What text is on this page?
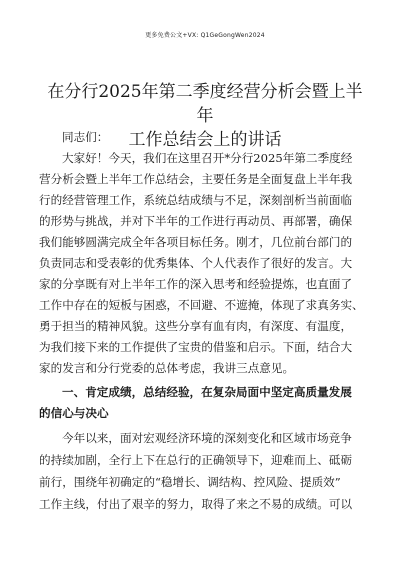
更多免费公文+VX: Q1GeGongWen2024
在分行2025年第二季度经营分析会暨上半年
工作总结会上的讲话
同志们：
大家好！今天，我们在这里召开*分行2025年第二季度经
营分析会暨上半年工作总结会，主要任务是全面复盘上半年我
行的经营管理工作，系统总结成绩与不足，深刻剖析当前面临
的形势与挑战，并对下半年的工作进行再动员、再部署，确保
我们能够圆满完成全年各项目标任务。刚才，几位前台部门的
负责同志和受表彰的优秀集体、个人代表作了很好的发言。大
家的分享既有对上半年工作的深入思考和经验提炼，也直面了
工作中存在的短板与困惑，不回避、不遮掩，体现了求真务实、
勇于担当的精神风貌。这些分享有血有肉，有深度、有温度，
为我们接下来的工作提供了宝贵的借鉴和启示。下面，结合大
家的发言和分行党委的总体考虑，我讲三点意见。
一、肯定成绩，总结经验，在复杂局面中坚定高质量发展
的信心与决心
今年以来，面对宏观经济环境的深刻变化和区域市场竞争
的持续加剧，全行上下在总行的正确领导下，迎难而上、砥砺
前行，围绕年初确定的“稳增长、调结构、控风险、提质效”
工作主线，付出了艰辛的努力，取得了来之不易的成绩。可以
